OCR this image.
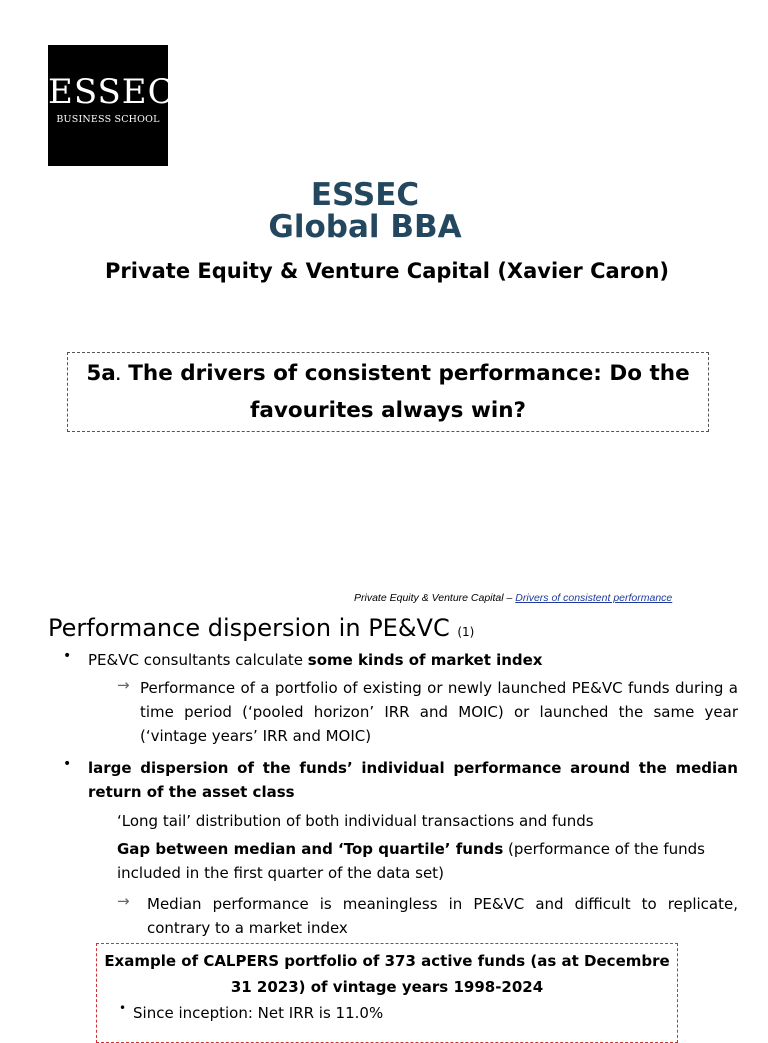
ESSEC
BUSINESS SCHOOL
ESSEC
Global BBA
Private Equity & Venture Capital (Xavier Caron)
5a. The drivers of consistent performance: Do the favourites always win?
Private Equity & Venture Capital – Drivers of consistent performance
Performance dispersion in PE&VC (1)
• PE&VC consultants calculate some kinds of market index
→ Performance of a portfolio of existing or newly launched PE&VC funds during a time period (‘pooled horizon’ IRR and MOIC) or launched the same year (‘vintage years’ IRR and MOIC)
• large dispersion of the funds’ individual performance around the median return of the asset class
‘Long tail’ distribution of both individual transactions and funds
Gap between median and ‘Top quartile’ funds (performance of the funds included in the first quarter of the data set)
→ Median performance is meaningless in PE&VC and difficult to replicate, contrary to a market index
Example of CALPERS portfolio of 373 active funds (as at Decembre 31 2023) of vintage years 1998-2024
• Since inception: Net IRR is 11.0%
